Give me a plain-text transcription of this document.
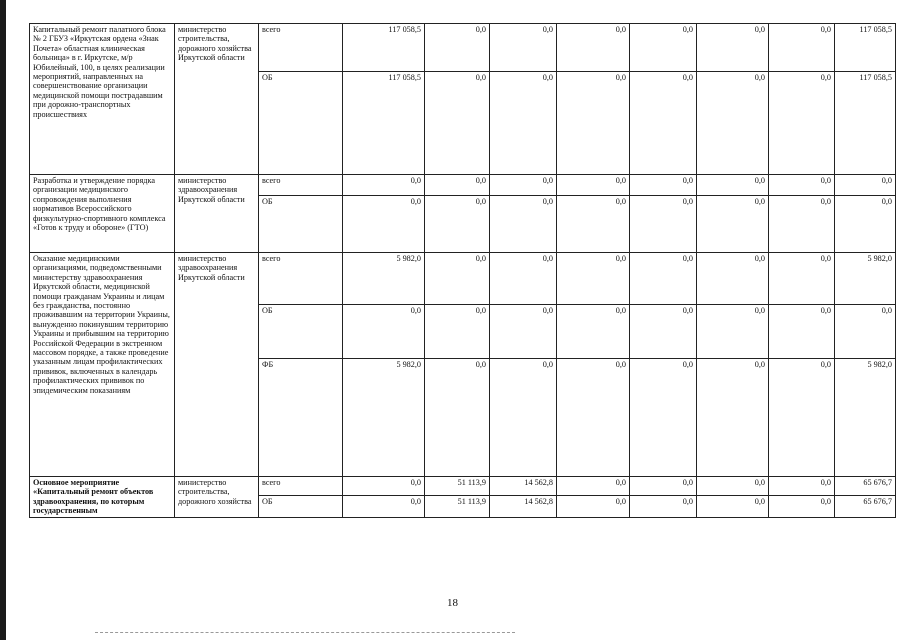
Капитальный ремонт палатного блока № 2 ГБУЗ «Иркутская ордена «Знак Почета» областная клиническая больница» в г. Иркутске, м/р Юбилейный, 100, в целях реализации мероприятий, направленных на совершенствование организации медицинской помощи пострадавшим при дорожно-транспортных происшествиях	министерство строительства, дорожного хозяйства Иркутской области	всего	117 058,5	0,0	0,0	0,0	0,0	0,0	0,0	117 058,5
		ОБ	117 058,5	0,0	0,0	0,0	0,0	0,0	0,0	117 058,5
Разработка и утверждение порядка организации медицинского сопровождения выполнения нормативов Всероссийского физкультурно-спортивного комплекса «Готов к труду и обороне» (ГТО)	министерство здравоохранения Иркутской области	всего	0,0	0,0	0,0	0,0	0,0	0,0	0,0	0,0
		ОБ	0,0	0,0	0,0	0,0	0,0	0,0	0,0	0,0
Оказание медицинскими организациями, подведомственными министерству здравоохранения Иркутской области, медицинской помощи гражданам Украины и лицам без гражданства, постоянно проживавшим на территории Украины, вынужденно покинувшим территорию Украины и прибывшим на территорию Российской Федерации в экстренном массовом порядке, а также проведение указанным лицам профилактических прививок, включенных в календарь профилактических прививок по эпидемическим показаниям	министерство здравоохранения Иркутской области	всего	5 982,0	0,0	0,0	0,0	0,0	0,0	0,0	5 982,0
		ОБ	0,0	0,0	0,0	0,0	0,0	0,0	0,0	0,0
		ФБ	5 982,0	0,0	0,0	0,0	0,0	0,0	0,0	5 982,0
Основное мероприятие «Капитальный ремонт объектов здравоохранения, по которым государственным	министерство строительства, дорожного хозяйства	всего	0,0	51 113,9	14 562,8	0,0	0,0	0,0	0,0	65 676,7
		ОБ	0,0	51 113,9	14 562,8	0,0	0,0	0,0	0,0	65 676,7
18
